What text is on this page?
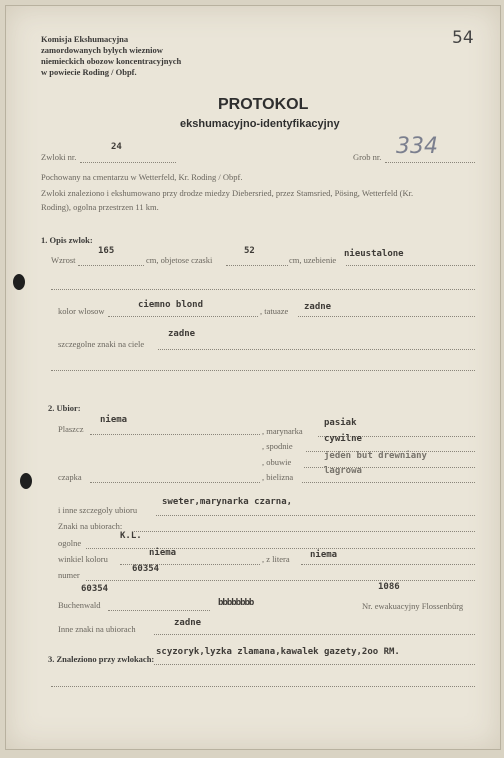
Komisja Ekshumacyjna
zamordowanych bylych wiezniow
niemieckich obozow koncentracyjnych
w powiecie Roding / Obpf.
54
PROTOKOL
ekshumacyjno-identyfikacyjny
Zwloki nr.
24
Grob nr. 334
Pochowany na cmentarzu w Wetterfeld, Kr. Roding / Obpf.
Zwloki znaleziono i ekshumowano przy drodze miedzy Diebersried, przez Stamsried, Pösing, Wetterfeld (Kr.
Roding), ogolna przestrzen 11 km.
1. Opis zwlok:
Wzrost
165
cm, objetose czaski
52
cm, uzebienie
nieustalone
kolor wlosow
ciemno blond
, tatuaze zadne
szczegolne znaki na ciele
zadne
2. Ubior:
Plaszcz
niema
, marynarka
pasiak
, spodnie
cywilne
, obuwie
jeden but drewniany
czapka	, bielizna
lagrowa
i inne szczegoly ubioru
sweter,marynarka czarna,
Znaki na ubiorach:
K.L.
ogolne
winkiel koloru
niema
, z litera niema
numer
60354
60354
Buchenwald	bbbbbbbb
1086
Nr. ewakuacyjny Flossenbürg
Inne znaki na ubiorach
zadne
3. Znaleziono przy zwlokach:
scyzoryk,lyzka zlamana,kawalek gazety,2oo RM.
